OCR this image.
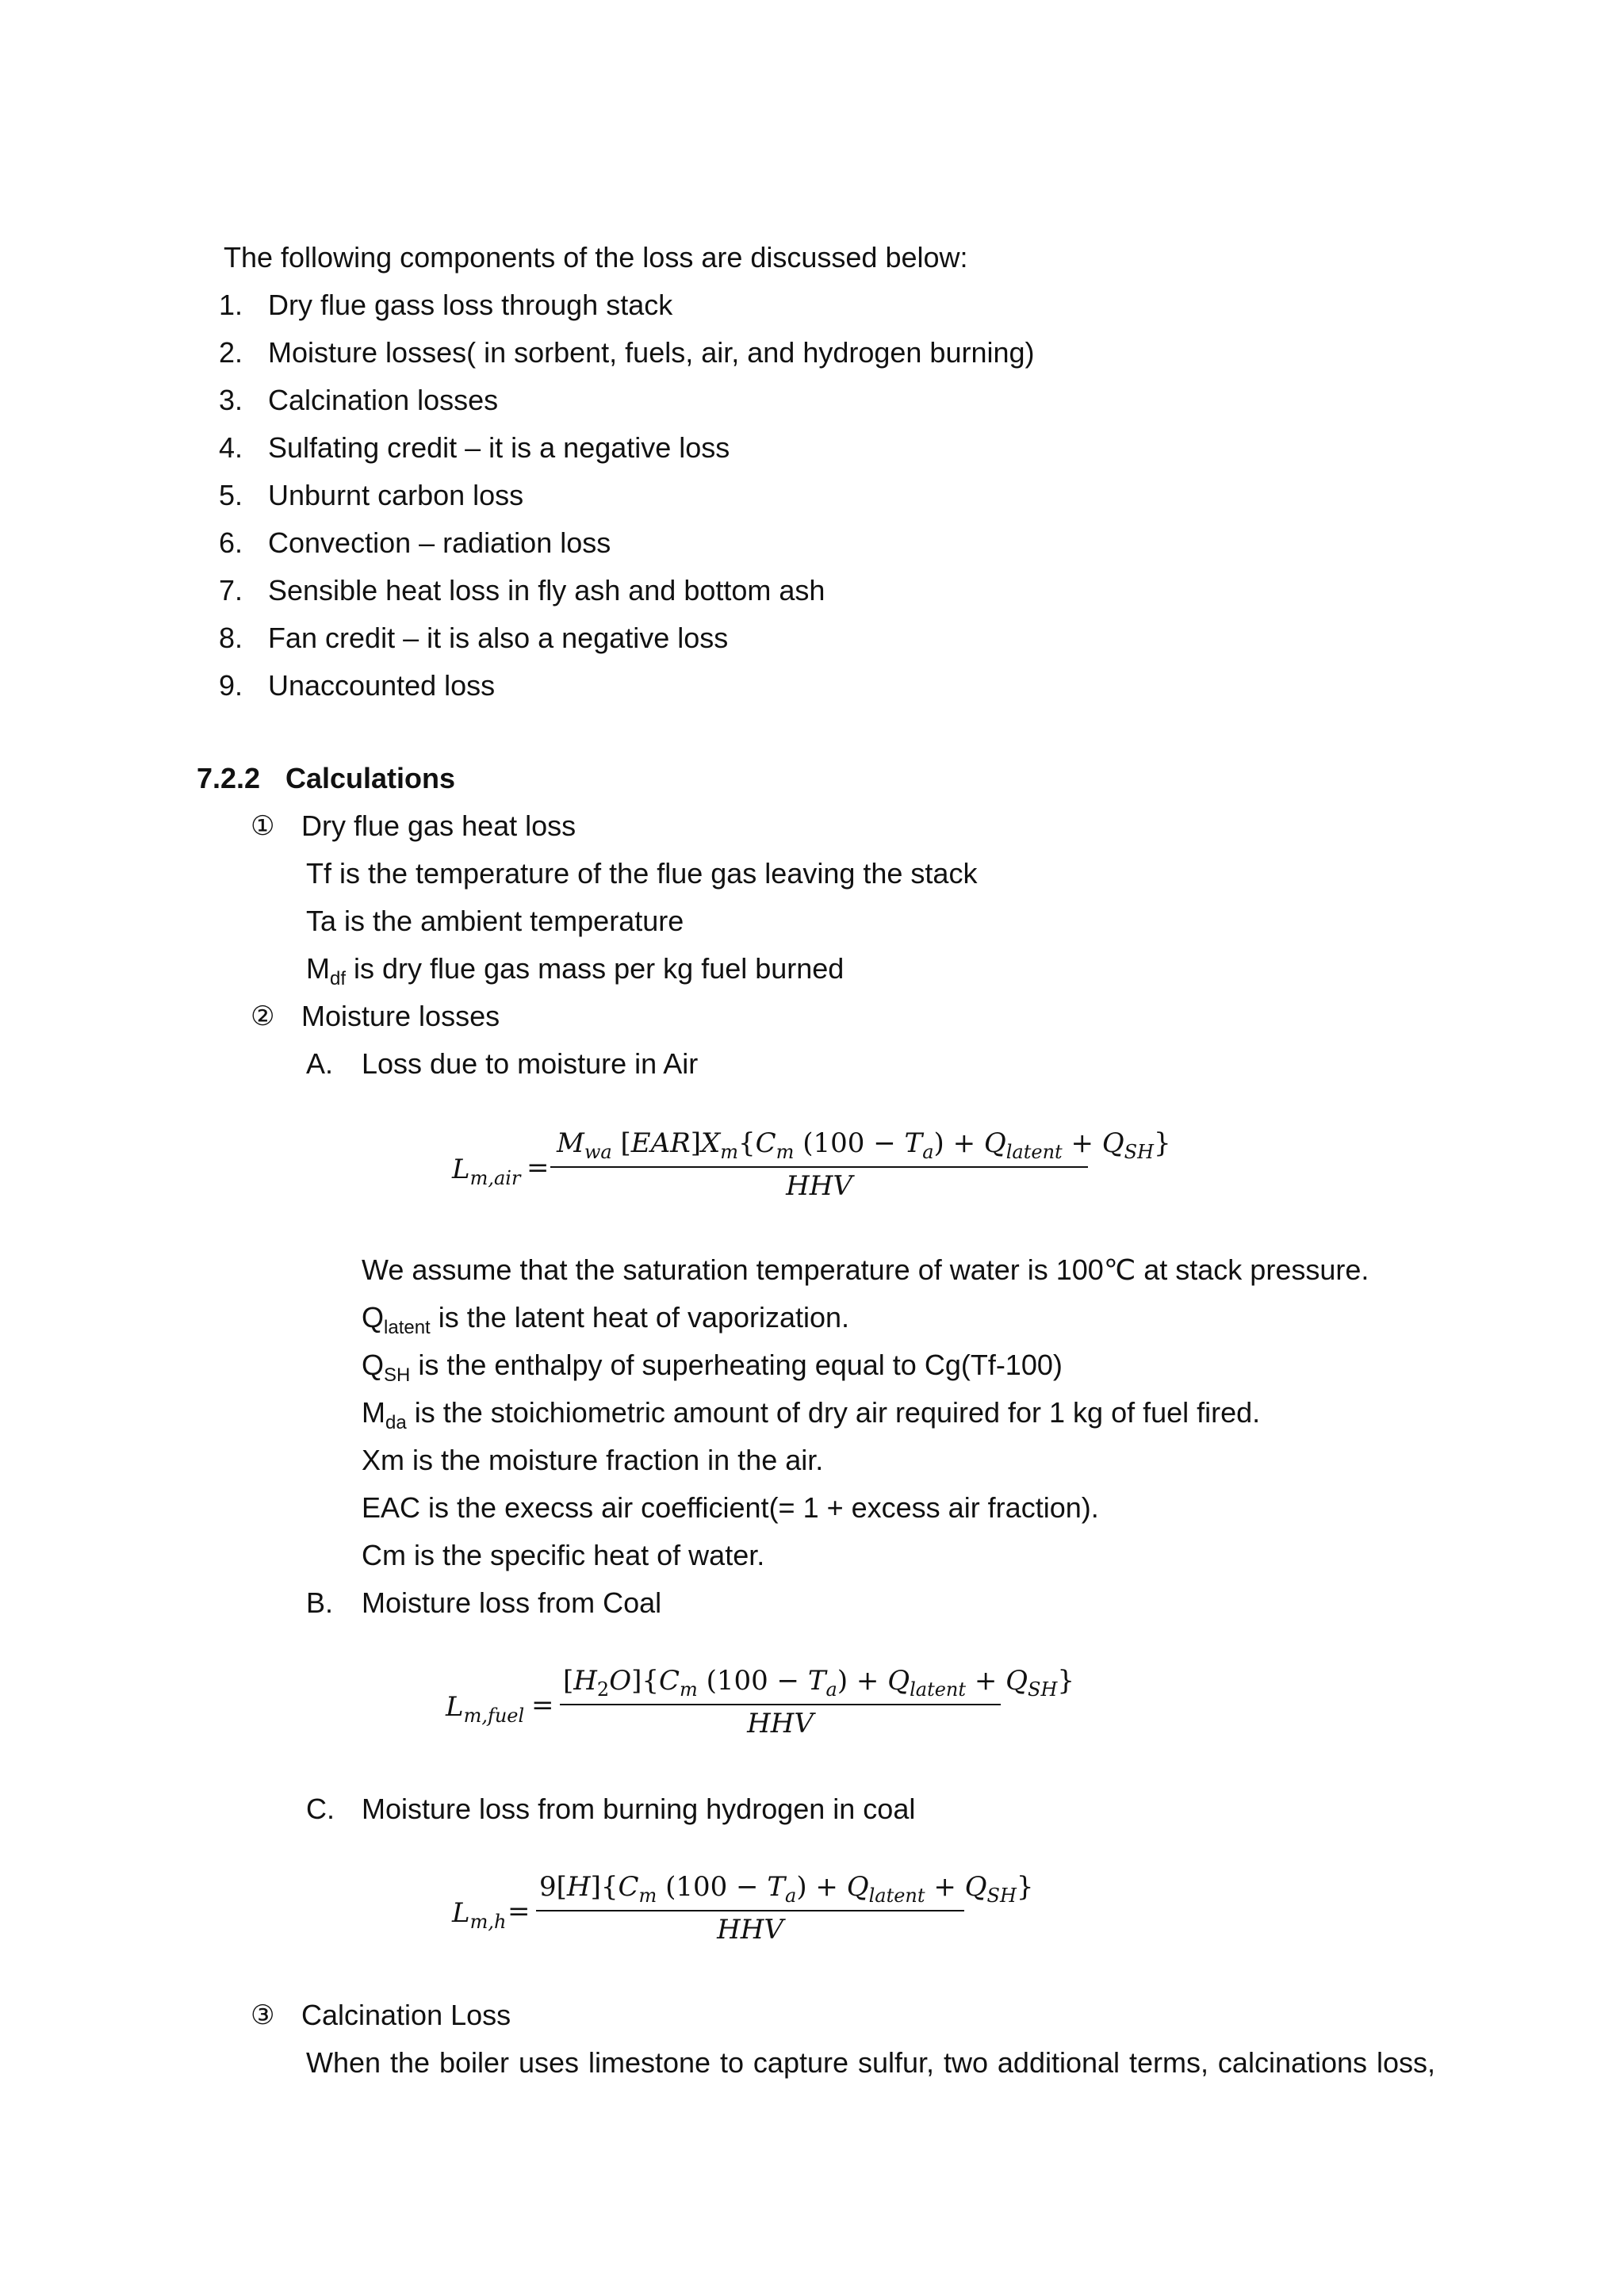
The following components of the loss are discussed below:
1. Dry flue gass loss through stack
2. Moisture losses( in sorbent, fuels, air, and hydrogen burning)
3. Calcination losses
4. Sulfating credit – it is a negative loss
5. Unburnt carbon loss
6. Convection – radiation loss
7. Sensible heat loss in fly ash and bottom ash
8. Fan credit – it is also a negative loss
9. Unaccounted loss
7.2.2 Calculations
① Dry flue gas heat loss
Tf is the temperature of the flue gas leaving the stack
Ta is the ambient temperature
$M_{df}$ is dry flue gas mass per kg fuel burned
② Moisture losses
A. Loss due to moisture in Air
$L_{m,air}$ =
$M_{wa}$ $[EAR]X_m\{C_m$ $(100 - T_a) + Q_{latent} + Q_{SH}$}
HHV
We assume that the saturation temperature of water is 100℃ at stack pressure.
$Q_{latent}$ is the latent heat of vaporization.
$Q_{SH}$ is the enthalpy of superheating equal to Cg(Tf-100)
$M_{da}$ is the stoichiometric amount of dry air required for 1 kg of fuel fired.
Xm is the moisture fraction in the air.
EAC is the execss air coefficient(= 1 + excess air fraction).
Cm is the specific heat of water.
B. Moisture loss from Coal
$L_{m,fuel}$ =
$[H_2O]\{C_m$ $(100 - T_a) + Q_{latent} + Q_{SH}$}
HHV
C. Moisture loss from burning hydrogen in coal
$L_{m,h}$ =
$9[H]\{C_m$ $(100 - T_a) + Q_{latent} + Q_{SH}$}
HHV
③ Calcination Loss
When the boiler uses limestone to capture sulfur, two additional terms, calcinations loss,
